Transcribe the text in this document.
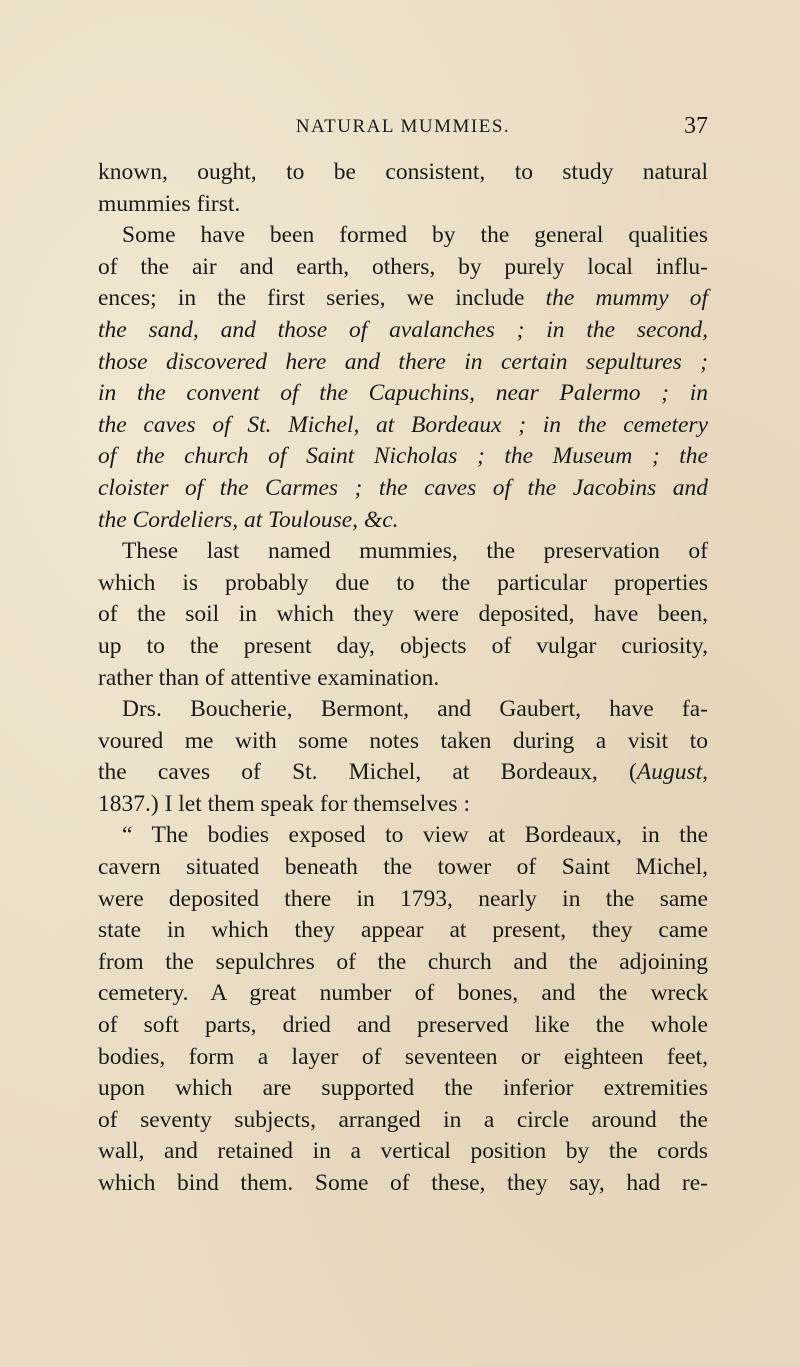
NATURAL MUMMIES.	37
known, ought, to be consistent, to study natural
mummies first.
Some have been formed by the general qualities
of the air and earth, others, by purely local influ-
ences; in the first series, we include the mummy of
the sand, and those of avalanches ; in the second,
those discovered here and there in certain sepultures ;
in the convent of the Capuchins, near Palermo ; in
the caves of St. Michel, at Bordeaux ; in the cemetery
of the church of Saint Nicholas ; the Museum ; the
cloister of the Carmes ; the caves of the Jacobins and
the Cordeliers, at Toulouse, &c.
These last named mummies, the preservation of
which is probably due to the particular properties
of the soil in which they were deposited, have been,
up to the present day, objects of vulgar curiosity,
rather than of attentive examination.
Drs. Boucherie, Bermont, and Gaubert, have fa-
voured me with some notes taken during a visit to
the caves of St. Michel, at Bordeaux, (August,
1837.) I let them speak for themselves :
“ The bodies exposed to view at Bordeaux, in the
cavern situated beneath the tower of Saint Michel,
were deposited there in 1793, nearly in the same
state in which they appear at present, they came
from the sepulchres of the church and the adjoining
cemetery. A great number of bones, and the wreck
of soft parts, dried and preserved like the whole
bodies, form a layer of seventeen or eighteen feet,
upon which are supported the inferior extremities
of seventy subjects, arranged in a circle around the
wall, and retained in a vertical position by the cords
which bind them. Some of these, they say, had re-
